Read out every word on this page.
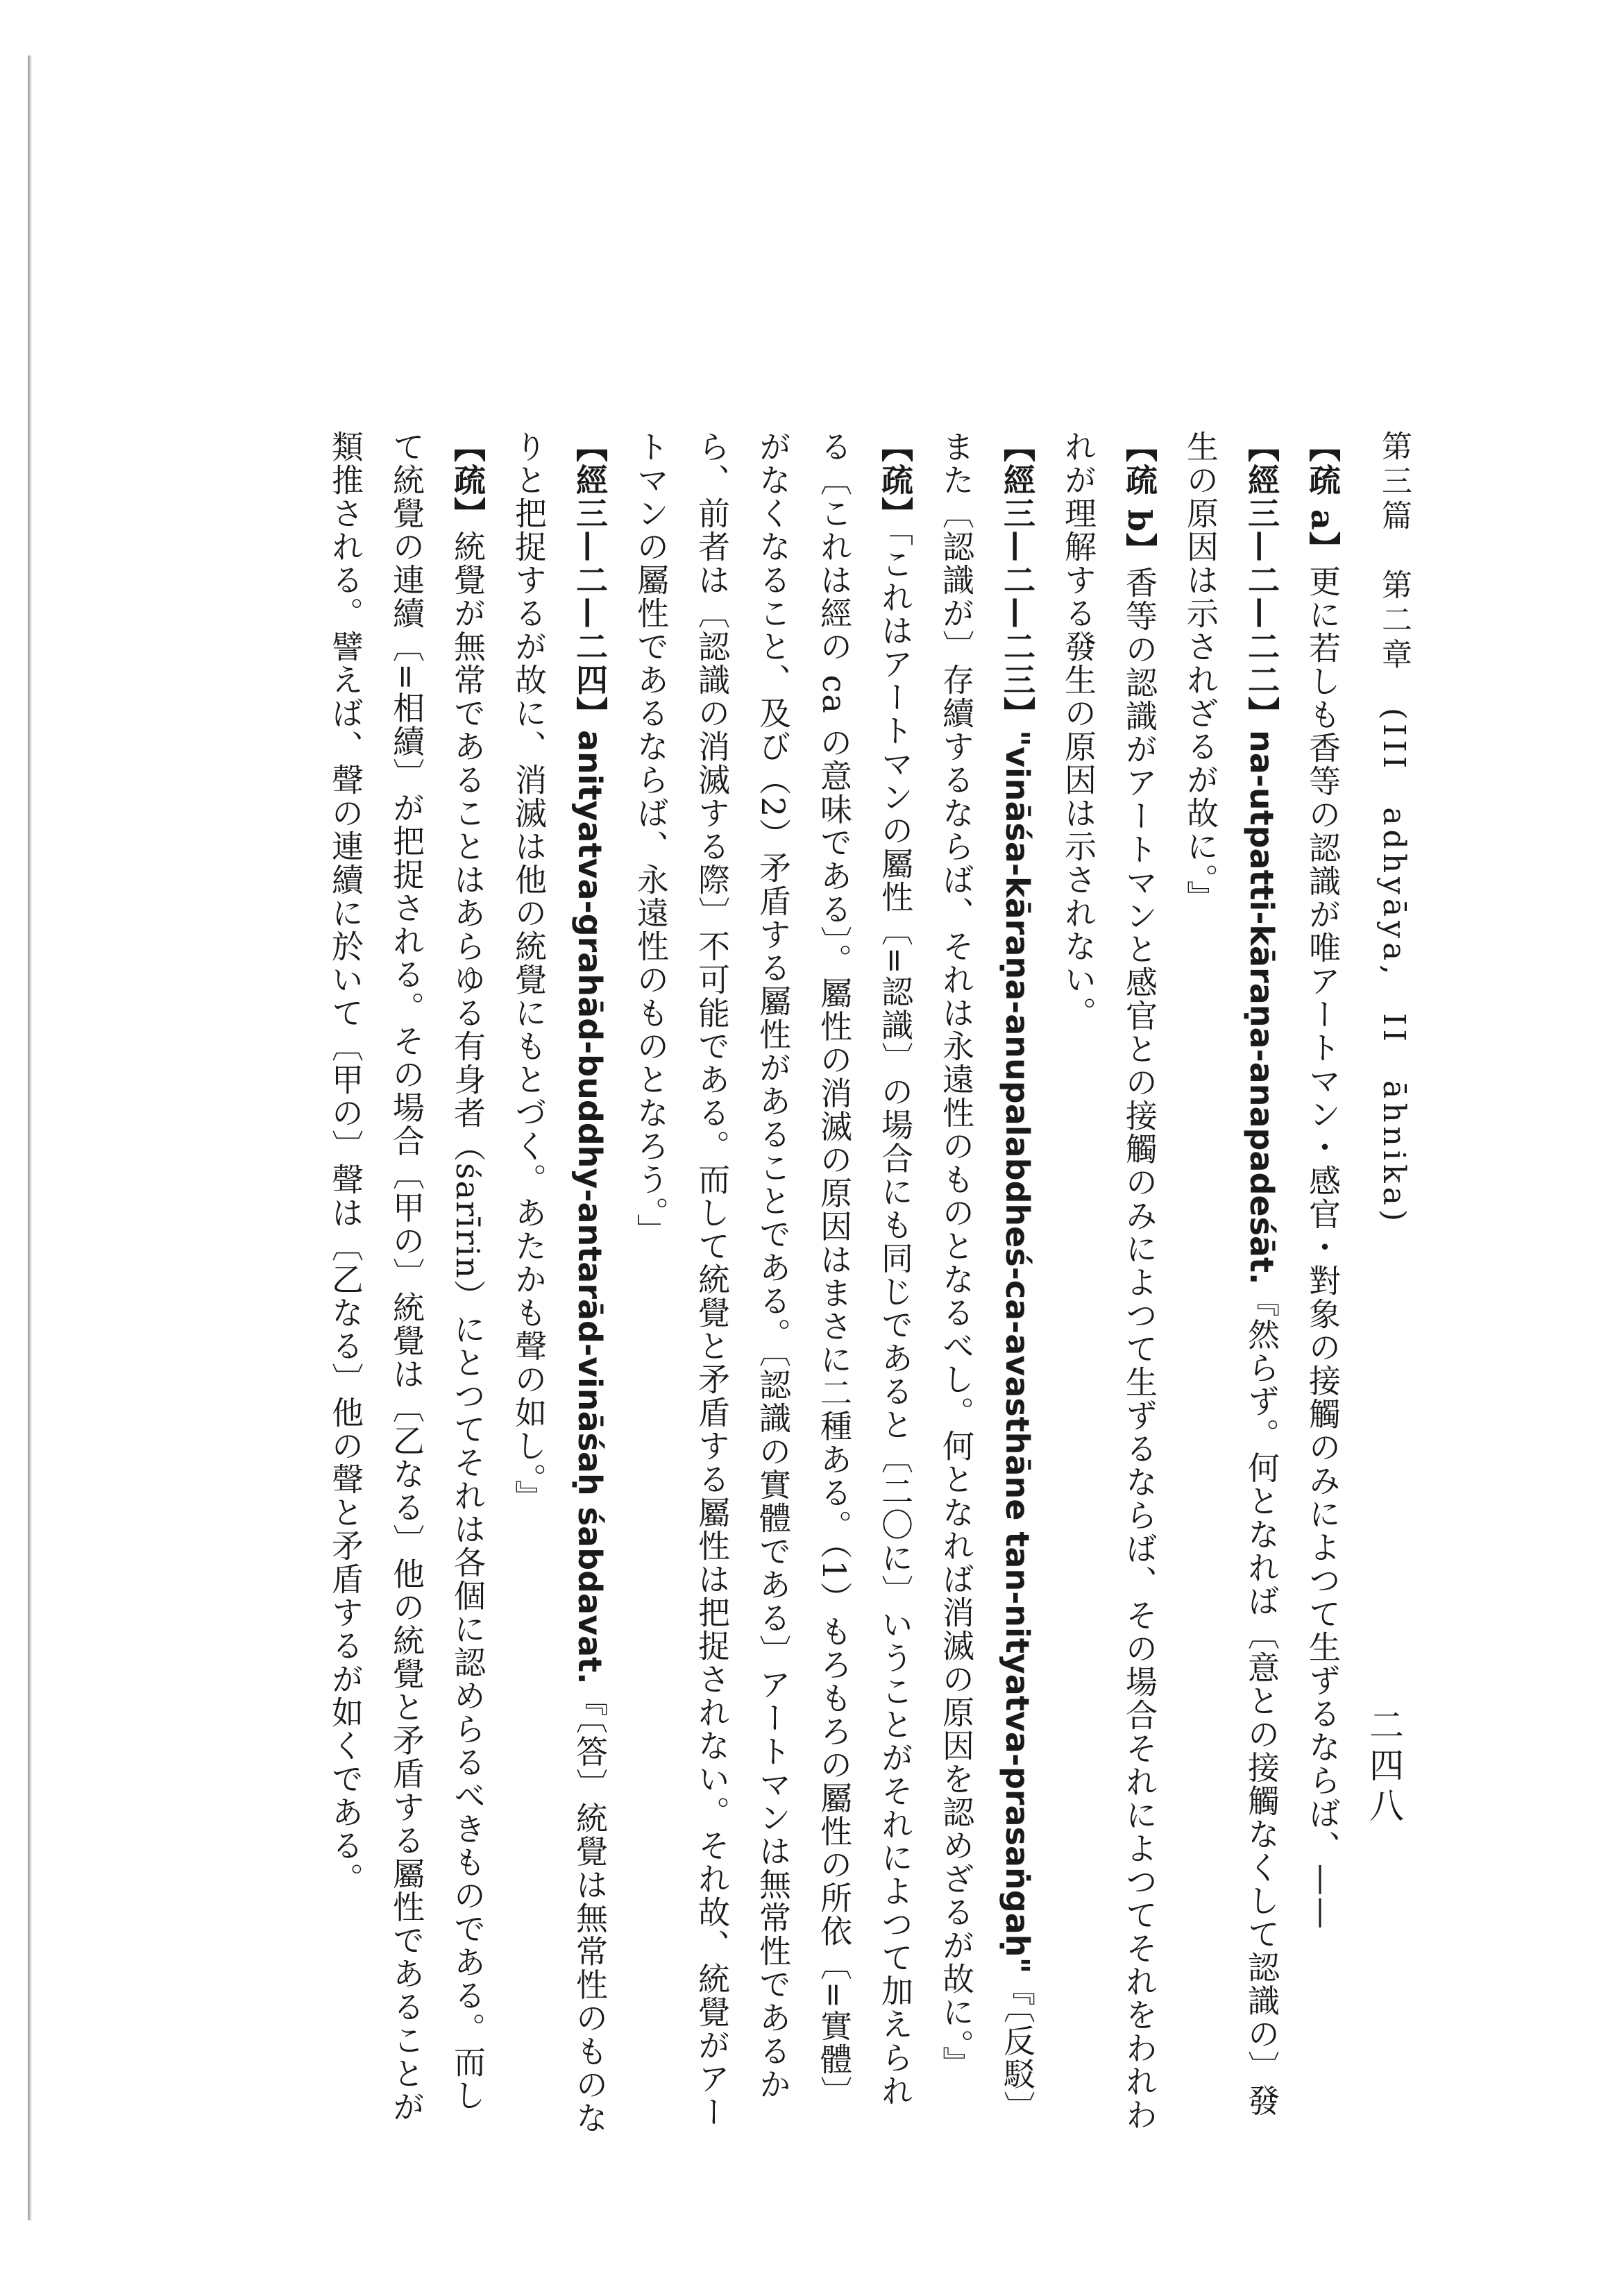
第三篇　第二章　(III　adhyāya,　II　āhnika)
二四八

【疏 a】更に若しも香等の認識が唯アートマン・感官・對象の接觸のみによつて生ずるならば、——

【經三—二—二二】na-utpatti-kāraṇa-anapadeśāt.『然らず。何となれば〔意との接觸なくして認識の〕發生の原因は示されざるが故に。』

【疏 b】香等の認識がアートマンと感官との接觸のみによつて生ずるならば、その場合それによつてそれをわれわれが理解する發生の原因は示されない。

【經三—二—二三】"vināśa-kāraṇa-anupalabdheś-ca-avasthāne tan-nityatva-prasaṅgaḥ"『〔反駁〕また〔認識が〕存續するならば、それは永遠性のものとなるべし。何となれば消滅の原因を認めざるが故に。』

【疏】「これはアートマンの屬性〔=認識〕の場合にも同じであると〔二〇に〕いうことがそれによつて加えられる〔これは經の ca の意味である〕。屬性の消滅の原因はまさに二種ある。（1）もろもろの屬性の所依〔=實體〕がなくなること、及び（2）矛盾する屬性があることである。〔認識の實體である〕アートマンは無常性であるから、前者は〔認識の消滅する際〕不可能である。而して統覺と矛盾する屬性は把捉されない。それ故、統覺がアートマンの屬性であるならば、永遠性のものとなろう。」

【經三—二—二四】anityatva-grahād-buddhy-antarād-vināśaḥ śabdavat.『〔答〕統覺は無常性のものなりと把捉するが故に、消滅は他の統覺にもとづく。あたかも聲の如し。』

【疏】統覺が無常であることはあらゆる有身者（śarīrin）にとつてそれは各個に認めらるべきものである。而して統覺の連續〔=相續〕が把捉される。その場合〔甲の〕統覺は〔乙なる〕他の統覺と矛盾する屬性であることが類推される。譬えば、聲の連續に於いて〔甲の〕聲は〔乙なる〕他の聲と矛盾するが如くである。
